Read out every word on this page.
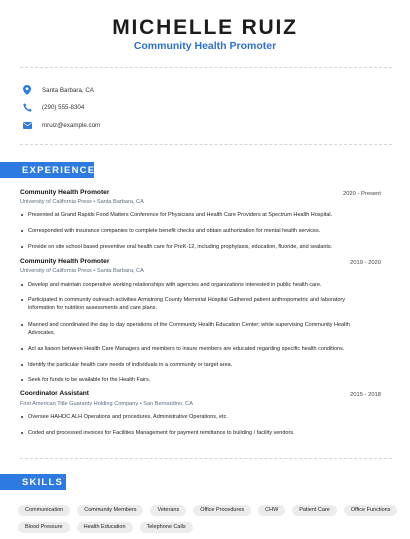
MICHELLE RUIZ
Community Health Promoter
Santa Barbara, CA
(290) 555-8304
mruiz@example.com
EXPERIENCE
Community Health Promoter	2020 - Present
University of California Press • Santa Barbara, CA
Presented at Grand Rapids Food Matters Conference for Physicians and Health Care Providers at Spectrum Health Hospital.
Corresponded with insurance companies to complete benefit checks and obtain authorization for mental health services.
Provide on site school based preventive oral health care for PreK-12, including prophylaxis, education, fluoride, and sealants.
Community Health Promoter	2019 - 2020
University of California Press • Santa Barbara, CA
Develop and maintain cooperative working relationships with agencies and organizations interested in public health care.
Participated in community outreach activities Armstrong County Memorial Hospital Gathered patient anthropometric and laboratory information for nutrition assessments and care plans.
Manned and coordinated the day to day operations of the Community Health Education Center; while supervising Community Health Advocates.
Act as liaison between Health Care Managers and members to insure members are educated regarding specific health conditions.
Identify the particular health care needs of individuals in a community or target area.
Seek for funds to be available for the Health Fairs.
Coordinator Assistant	2015 - 2018
First American Title Guaranty Holding Company • San Bernardino, CA
Oversee HAHOC ALH Operations and procedures, Administrative Operations, etc.
Coded and processed invoices for Facilities Management for payment remittance to building / facility vendors.
SKILLS
Communication	Community Members	Veterans	Office Procedures	CHW	Patient Care	Office Functions
Blood Pressure	Health Education	Telephone Calls
